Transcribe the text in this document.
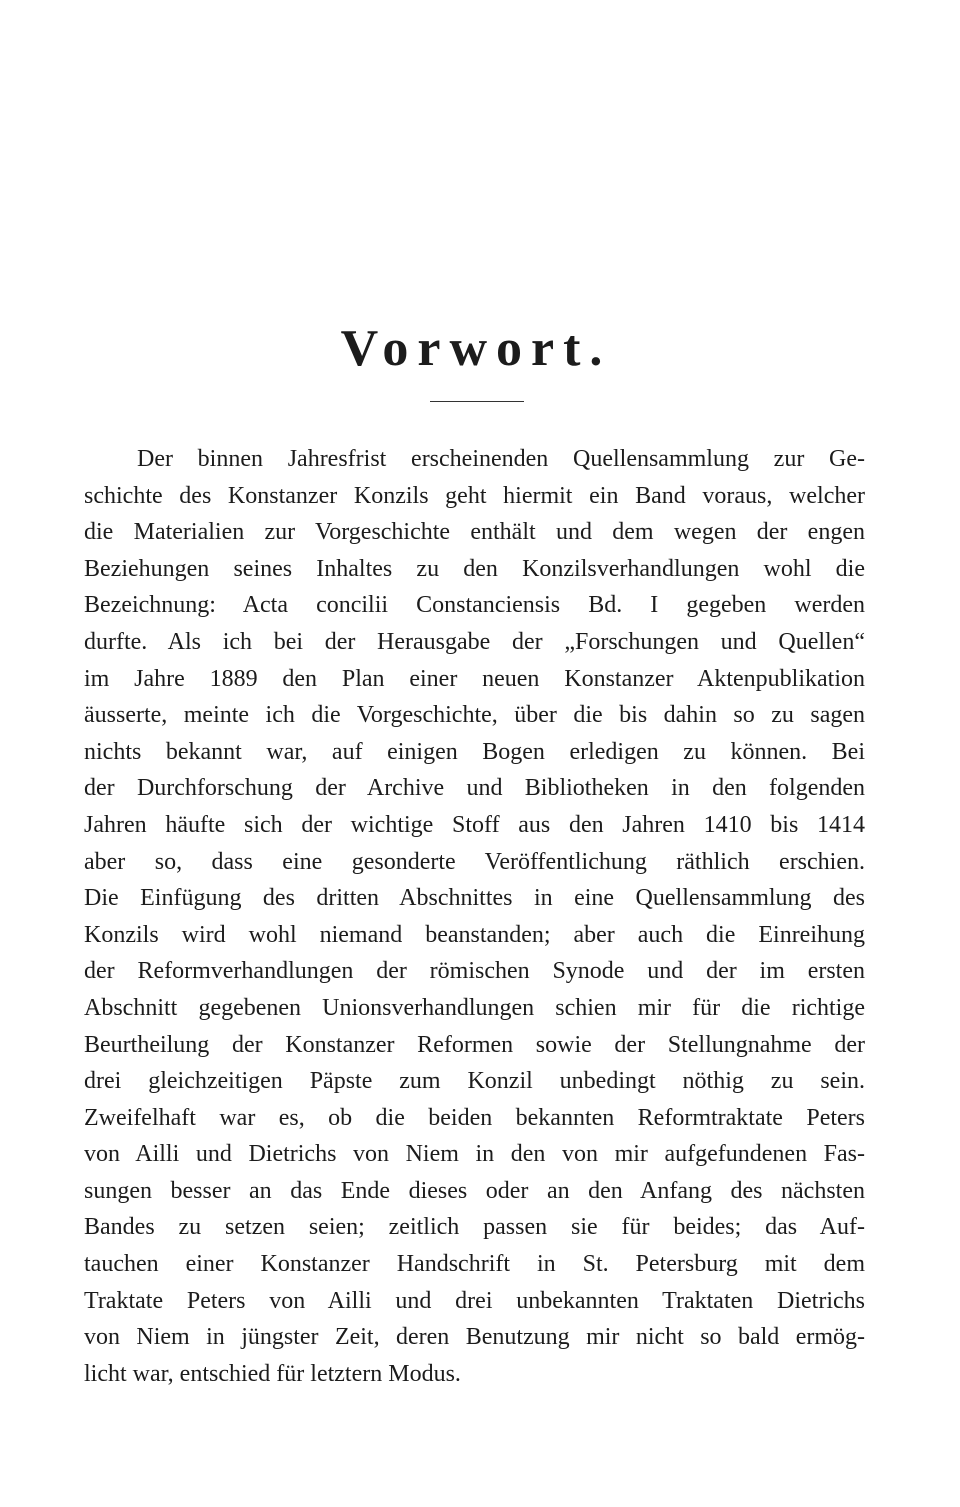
Vorwort.
Der binnen Jahresfrist erscheinenden Quellensammlung zur Ge-
schichte des Konstanzer Konzils geht hiermit ein Band voraus, welcher
die Materialien zur Vorgeschichte enthält und dem wegen der engen
Beziehungen seines Inhaltes zu den Konzilsverhandlungen wohl die
Bezeichnung: Acta concilii Constanciensis Bd. I gegeben werden
durfte. Als ich bei der Herausgabe der „Forschungen und Quellen“
im Jahre 1889 den Plan einer neuen Konstanzer Aktenpublikation
äusserte, meinte ich die Vorgeschichte, über die bis dahin so zu sagen
nichts bekannt war, auf einigen Bogen erledigen zu können. Bei
der Durchforschung der Archive und Bibliotheken in den folgenden
Jahren häufte sich der wichtige Stoff aus den Jahren 1410 bis 1414
aber so, dass eine gesonderte Veröffentlichung räthlich erschien.
Die Einfügung des dritten Abschnittes in eine Quellensammlung des
Konzils wird wohl niemand beanstanden; aber auch die Einreihung
der Reformverhandlungen der römischen Synode und der im ersten
Abschnitt gegebenen Unionsverhandlungen schien mir für die richtige
Beurtheilung der Konstanzer Reformen sowie der Stellungnahme der
drei gleichzeitigen Päpste zum Konzil unbedingt nöthig zu sein.
Zweifelhaft war es, ob die beiden bekannten Reformtraktate Peters
von Ailli und Dietrichs von Niem in den von mir aufgefundenen Fas-
sungen besser an das Ende dieses oder an den Anfang des nächsten
Bandes zu setzen seien; zeitlich passen sie für beides; das Auf-
tauchen einer Konstanzer Handschrift in St. Petersburg mit dem
Traktate Peters von Ailli und drei unbekannten Traktaten Dietrichs
von Niem in jüngster Zeit, deren Benutzung mir nicht so bald ermög-
licht war, entschied für letztern Modus.
